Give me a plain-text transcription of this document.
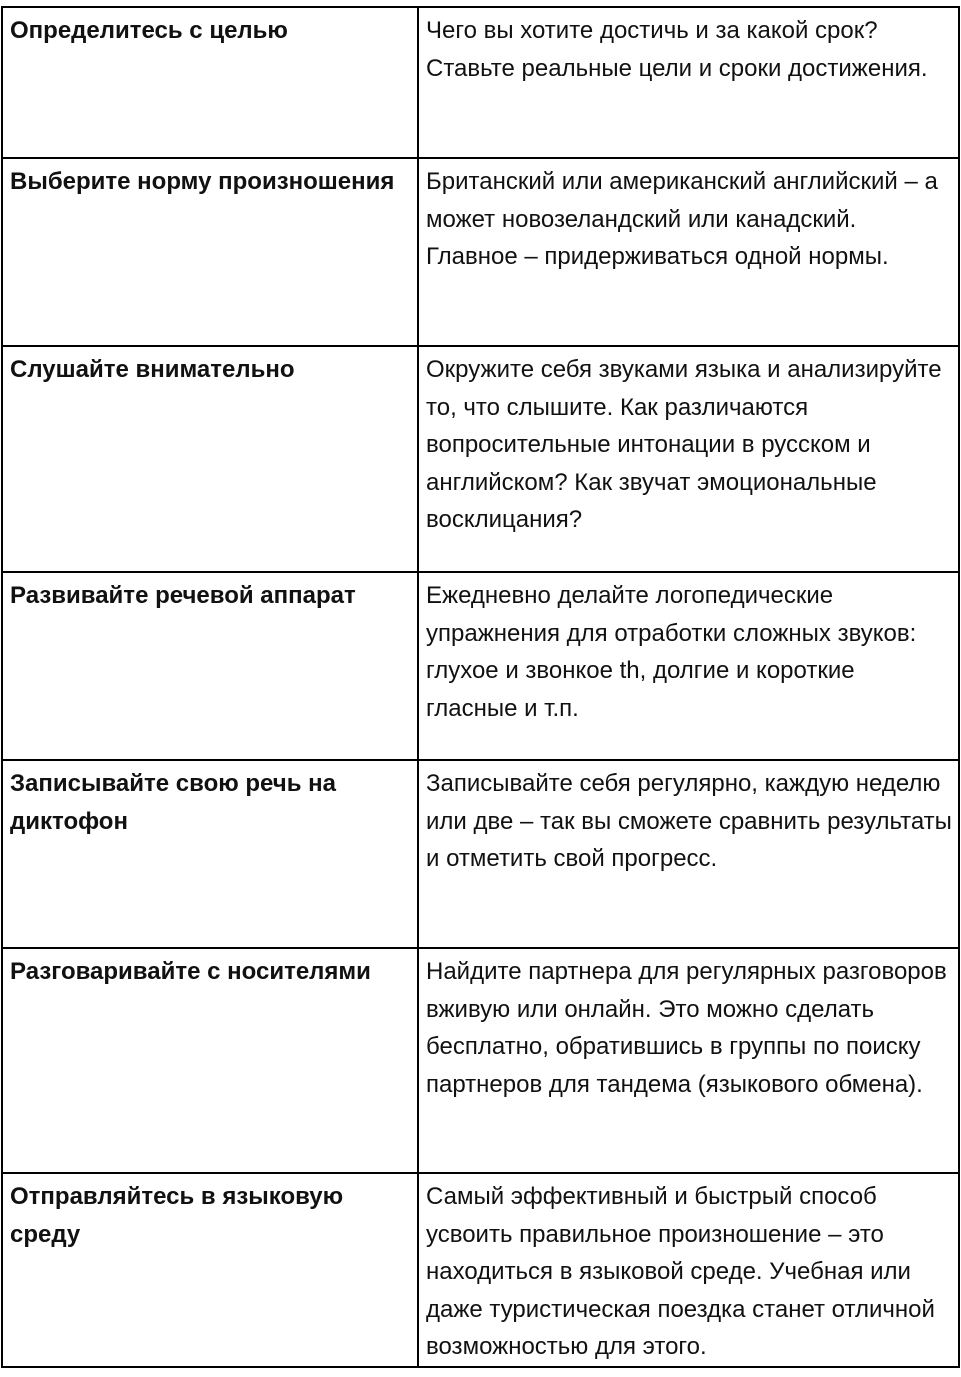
Определитесь с целью	Чего вы хотите достичь и за какой срок? Ставьте реальные цели и сроки достижения.
Выберите норму произношения	Британский или американский английский – а может новозеландский или канадский. Главное – придерживаться одной нормы.
Слушайте внимательно	Окружите себя звуками языка и анализируйте то, что слышите. Как различаются вопросительные интонации в русском и английском? Как звучат эмоциональные восклицания?
Развивайте речевой аппарат	Ежедневно делайте логопедические упражнения для отработки сложных звуков: глухое и звонкое th, долгие и короткие гласные и т.п.
Записывайте свою речь на диктофон	Записывайте себя регулярно, каждую неделю или две – так вы сможете сравнить результаты и отметить свой прогресс.
Разговаривайте с носителями	Найдите партнера для регулярных разговоров вживую или онлайн. Это можно сделать бесплатно, обратившись в группы по поиску партнеров для тандема (языкового обмена).
Отправляйтесь в языковую среду	Самый эффективный и быстрый способ усвоить правильное произношение – это находиться в языковой среде. Учебная или даже туристическая поездка станет отличной возможностью для этого.
